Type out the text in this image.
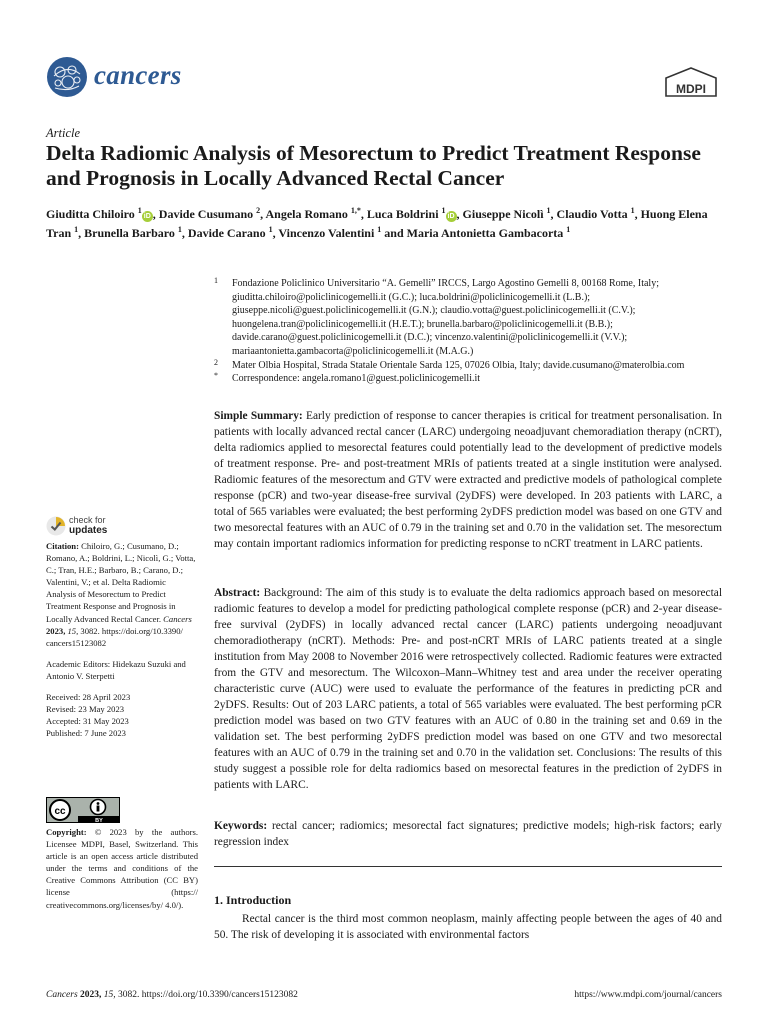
cancers	MDPI
Article
Delta Radiomic Analysis of Mesorectum to Predict Treatment Response and Prognosis in Locally Advanced Rectal Cancer
Giuditta Chiloiro $^1$iD , Davide Cusumano $^2$, Angela Romano $^{1,*}$, Luca Boldrini $^1$iD , Giuseppe Nicolì $^1$, Claudio Votta $^1$, Huong Elena Tran $^1$, Brunella Barbaro $^1$, Davide Carano $^1$, Vincenzo Valentini $^1$ and Maria Antonietta Gambacorta $^1$
1 Fondazione Policlinico Universitario “A. Gemelli” IRCCS, Largo Agostino Gemelli 8, 00168 Rome, Italy; giuditta.chiloiro@policlinicogemelli.it (G.C.); luca.boldrini@policlinicogemelli.it (L.B.); giuseppe.nicoli@guest.policlinicogemelli.it (G.N.); claudio.votta@guest.policlinicogemelli.it (C.V.); huongelena.tran@policlinicogemelli.it (H.E.T.); brunella.barbaro@policlinicogemelli.it (B.B.); davide.carano@guest.policlinicogemelli.it (D.C.); vincenzo.valentini@policlinicogemelli.it (V.V.); mariaantonietta.gambacorta@policlinicogemelli.it (M.A.G.)
2 Mater Olbia Hospital, Strada Statale Orientale Sarda 125, 07026 Olbia, Italy; davide.cusumano@materolbia.com
* Correspondence: angela.romano1@guest.policlinicogemelli.it
Simple Summary: Early prediction of response to cancer therapies is critical for treatment personalisation. In patients with locally advanced rectal cancer (LARC) undergoing neoadjuvant chemoradiation therapy (nCRT), delta radiomics applied to mesorectal features could potentially lead to the development of predictive models of treatment response. Pre- and post-treatment MRIs of patients treated at a single institution were analysed. Radiomic features of the mesorectum and GTV were extracted and predictive models of pathological complete response (pCR) and two-year disease-free survival (2yDFS) were developed. In 203 patients with LARC, a total of 565 variables were evaluated; the best performing 2yDFS prediction model was based on one GTV and two mesorectal features with an AUC of 0.79 in the training set and 0.70 in the validation set. The mesorectum may contain important radiomics information for predicting response to nCRT treatment in LARC patients.
Abstract: Background: The aim of this study is to evaluate the delta radiomics approach based on mesorectal radiomic features to develop a model for predicting pathological complete response (pCR) and 2-year disease-free survival (2yDFS) in locally advanced rectal cancer (LARC) patients undergoing neoadjuvant chemoradiotherapy (nCRT). Methods: Pre- and post-nCRT MRIs of LARC patients treated at a single institution from May 2008 to November 2016 were retrospectively collected. Radiomic features were extracted from the GTV and mesorectum. The Wilcoxon–Mann–Whitney test and area under the receiver operating characteristic curve (AUC) were used to evaluate the performance of the features in predicting pCR and 2yDFS. Results: Out of 203 LARC patients, a total of 565 variables were evaluated. The best performing pCR prediction model was based on two GTV features with an AUC of 0.80 in the training set and 0.69 in the validation set. The best performing 2yDFS prediction model was based on one GTV and two mesorectal features with an AUC of 0.79 in the training set and 0.70 in the validation set. Conclusions: The results of this study suggest a possible role for delta radiomics based on mesorectal features in the prediction of 2yDFS in patients with LARC.
Keywords: rectal cancer; radiomics; mesorectal fact signatures; predictive models; high-risk factors; early regression index
1. Introduction
Rectal cancer is the third most common neoplasm, mainly affecting people between the ages of 40 and 50. The risk of developing it is associated with environmental factors
check for
updates
Citation: Chiloiro, G.; Cusumano, D.; Romano, A.; Boldrini, L.; Nicolì, G.; Votta, C.; Tran, H.E.; Barbaro, B.; Carano, D.; Valentini, V.; et al. Delta Radiomic Analysis of Mesorectum to Predict Treatment Response and Prognosis in Locally Advanced Rectal Cancer. Cancers 2023, 15, 3082. https://doi.org/10.3390/ cancers15123082
Academic Editors: Hidekazu Suzuki and Antonio V. Sterpetti
Received: 28 April 2023
Revised: 23 May 2023
Accepted: 31 May 2023
Published: 7 June 2023
cc
BY
Copyright: © 2023 by the authors. Licensee MDPI, Basel, Switzerland. This article is an open access article distributed under the terms and conditions of the Creative Commons Attribution (CC BY) license (https:// creativecommons.org/licenses/by/ 4.0/).
Cancers 2023, 15, 3082. https://doi.org/10.3390/cancers15123082	https://www.mdpi.com/journal/cancers
